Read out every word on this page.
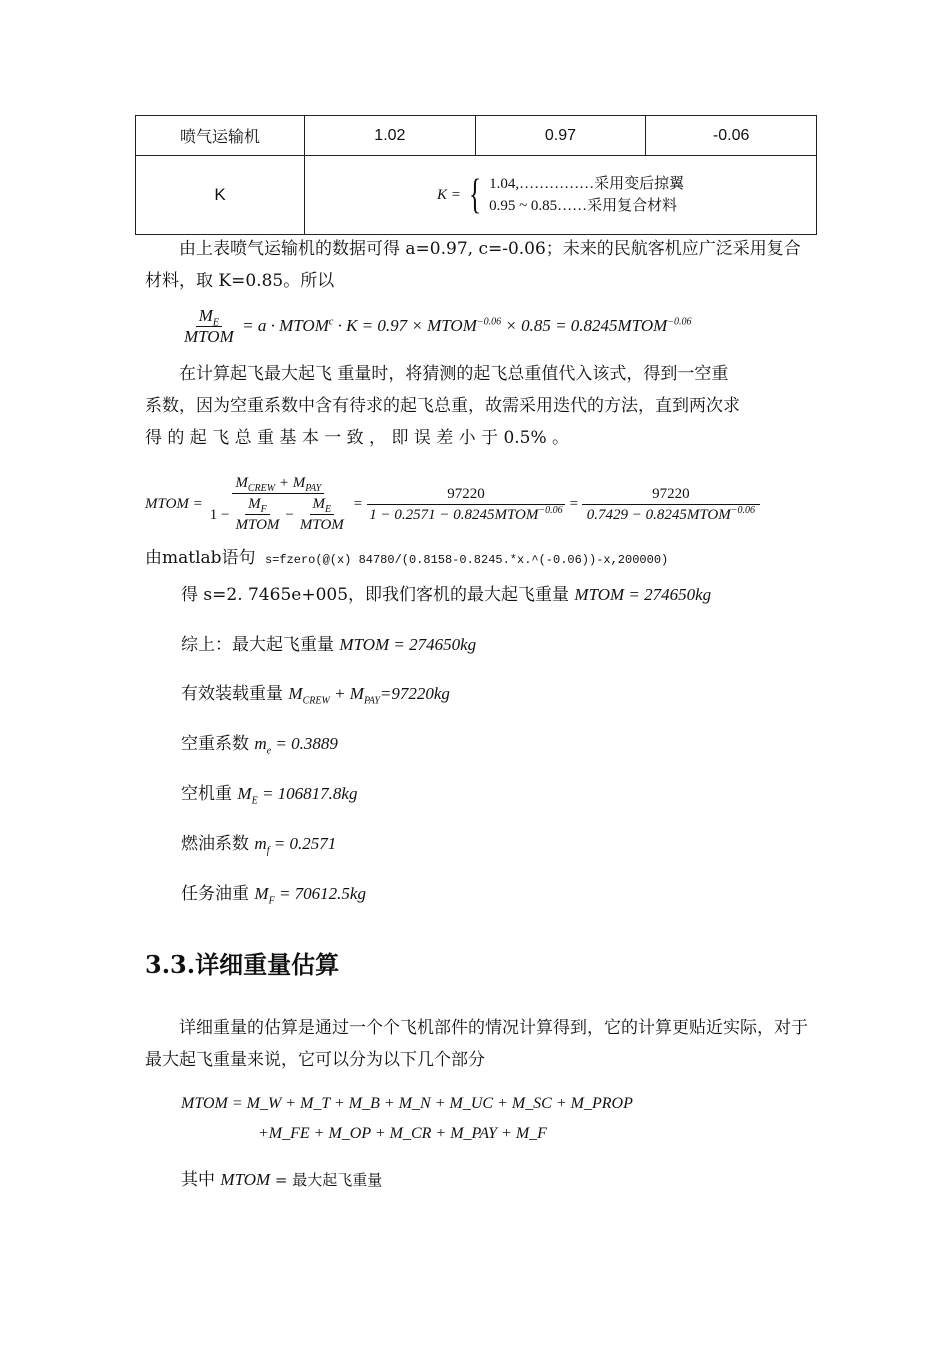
喷气运输机	1.02	0.97	-0.06
K	K = { 1.04,……………采用变后掠翼
0.95 ~ 0.85……采用复合材料		
由上表喷气运输机的数据可得 a=0.97, c=-0.06；未来的民航客机应广泛采用复合材料，取 K=0.85。所以
$\frac{M_E}{\text{MTOM}} = a$ · $MTOM^c \cdot K = 0.97$ × $MTOM^{-0.06} \times 0.85$ = $0.8245MTOM^{-0.06}$
在计算起飞最大起飞 重量时，将猜测的起飞总重值代入该式，得到一空重
系数，因为空重系数中含有待求的起飞总重，故需采用迭代的方法，直到两次求
得 的 起 飞 总 重 基 本 一 致 ， 即 误 差 小 于 0.5% 。
MTOM = $\frac{M_{CREW} + M_{PAY}}{1 - \frac{M_F}{\text{MTOM}} - \frac{M_E}{\text{MTOM}}} = \frac{97220}{1 - 0.2571 - 0.8245MTOM^{-0.06}} = \frac{97220}{0.7429 - 0.8245MTOM^{-0.06}}$
由matlab语句 s=fzero(@(x) 84780/(0.8158-0.8245.*x.^(-0.06))-x,200000)
得 s=2. 7465e+005，即我们客机的最大起飞重量 MTOM = 274650kg
综上：最大起飞重量 MTOM = 274650kg
有效装载重量 $M_{CREW} + M_{PAY}=97220kg$
空重系数 $m_e = 0.3889$
空机重 $M_E = 106817.8kg$
燃油系数 $m_f = 0.2571$
任务油重 $M_F = 70612.5kg$
3.3.详细重量估算
详细重量的估算是通过一个个飞机部件的情况计算得到，它的计算更贴近实际，对于最大起飞重量来说，它可以分为以下几个部分
MTOM = M_W + M_T + M_B + M_N + M_UC + M_SC + M_PROP
+M_FE + M_OP + M_CR + M_PAY + M_F
其中 MTOM = 最大起飞重量
